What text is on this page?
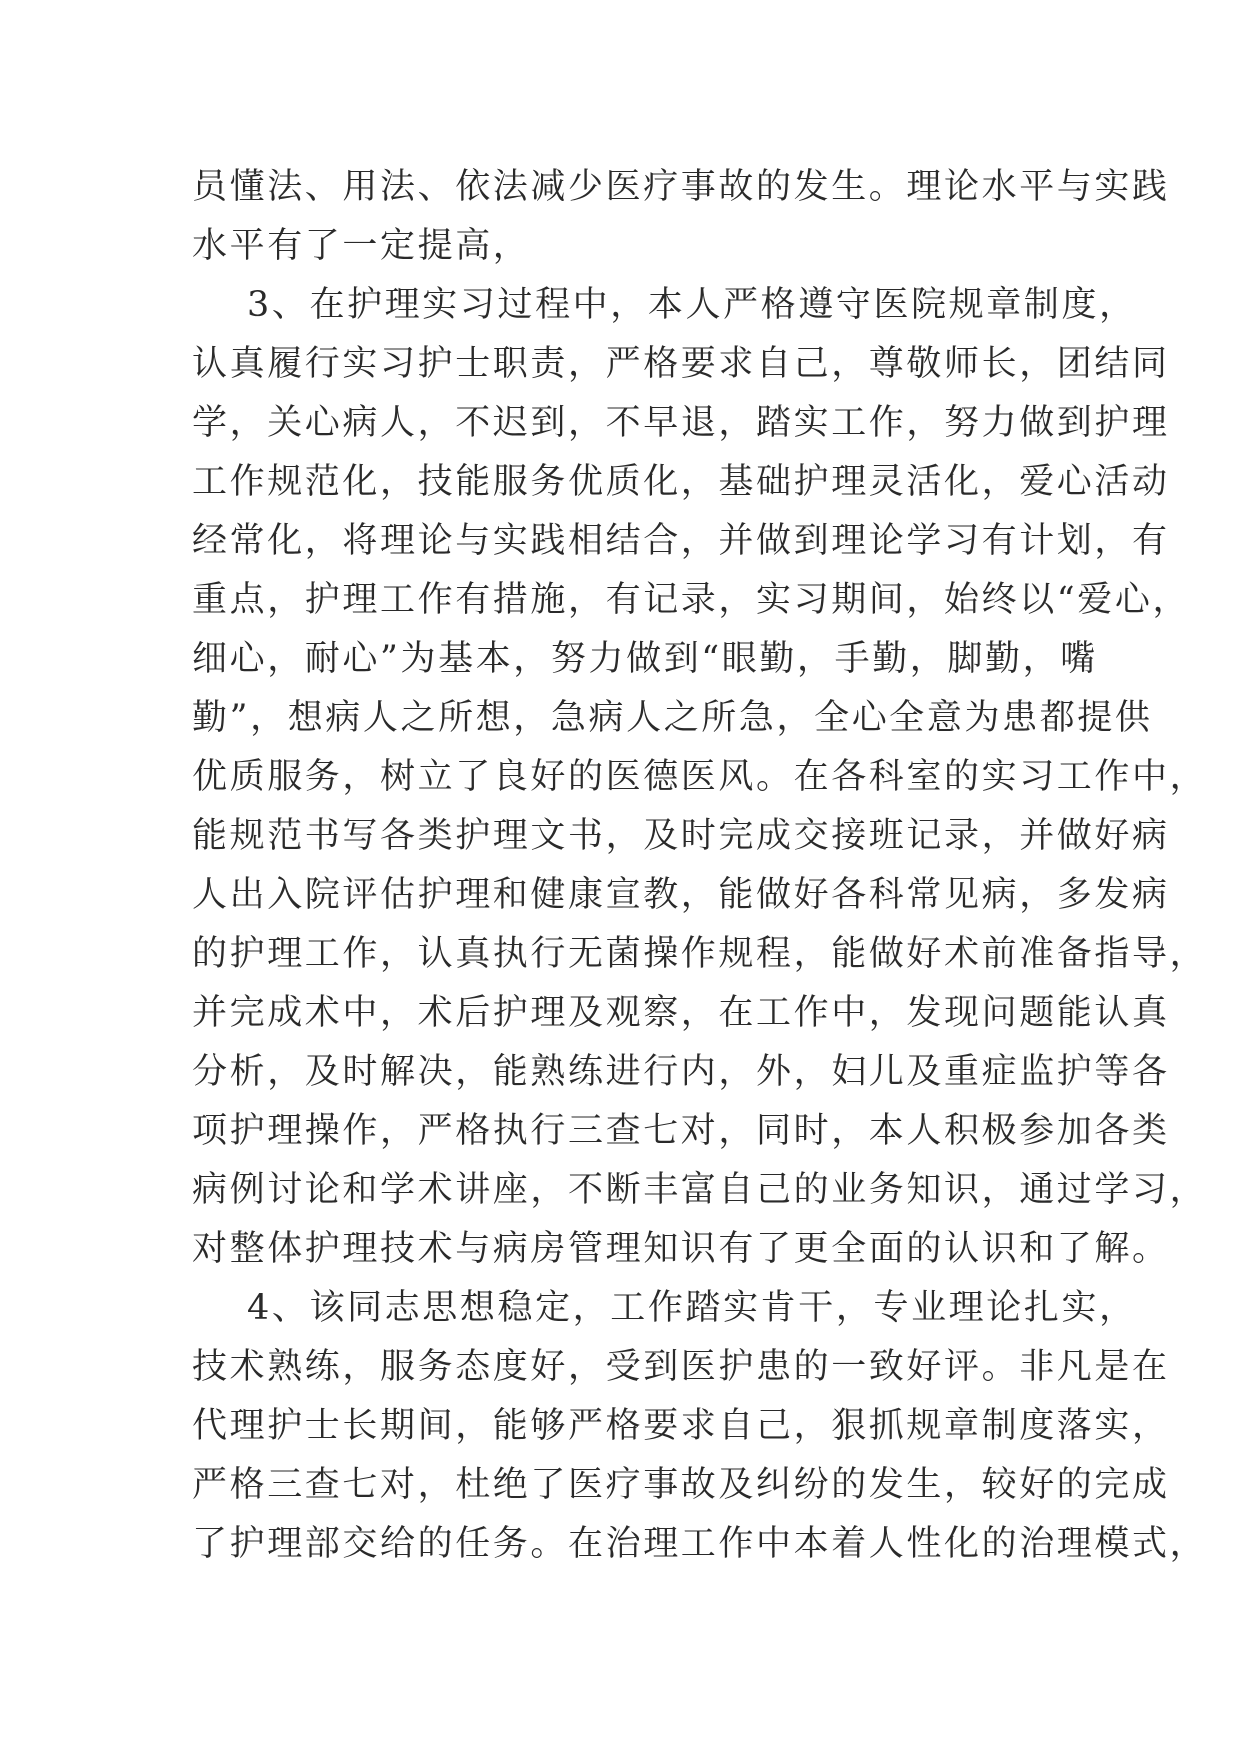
员懂法、用法、依法减少医疗事故的发生。理论水平与实践
水平有了一定提高，
3、在护理实习过程中，本人严格遵守医院规章制度，
认真履行实习护士职责，严格要求自己，尊敬师长，团结同
学，关心病人，不迟到，不早退，踏实工作，努力做到护理
工作规范化，技能服务优质化，基础护理灵活化，爱心活动
经常化，将理论与实践相结合，并做到理论学习有计划，有
重点，护理工作有措施，有记录，实习期间，始终以“爱心，
细心，耐心”为基本，努力做到“眼勤，手勤，脚勤，嘴
勤”，想病人之所想，急病人之所急，全心全意为患都提供
优质服务，树立了良好的医德医风。在各科室的实习工作中，
能规范书写各类护理文书，及时完成交接班记录，并做好病
人出入院评估护理和健康宣教，能做好各科常见病，多发病
的护理工作，认真执行无菌操作规程，能做好术前准备指导，
并完成术中，术后护理及观察，在工作中，发现问题能认真
分析，及时解决，能熟练进行内，外，妇儿及重症监护等各
项护理操作，严格执行三查七对，同时，本人积极参加各类
病例讨论和学术讲座，不断丰富自己的业务知识，通过学习，
对整体护理技术与病房管理知识有了更全面的认识和了解。
4、该同志思想稳定，工作踏实肯干，专业理论扎实，
技术熟练，服务态度好，受到医护患的一致好评。非凡是在
代理护士长期间，能够严格要求自己，狠抓规章制度落实，
严格三查七对，杜绝了医疗事故及纠纷的发生，较好的完成
了护理部交给的任务。在治理工作中本着人性化的治理模式，
